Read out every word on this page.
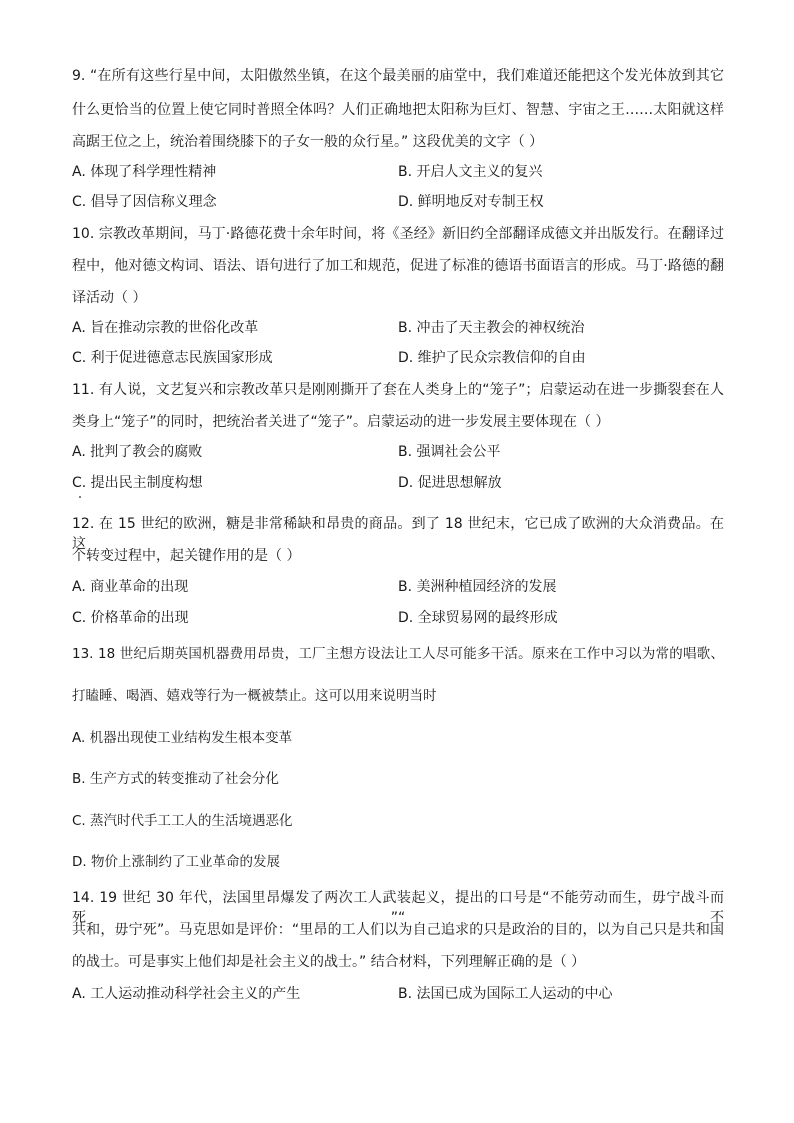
9. “在所有这些行星中间，太阳傲然坐镇，在这个最美丽的庙堂中，我们难道还能把这个发光体放到其它
什么更恰当的位置上使它同时普照全体吗？人们正确地把太阳称为巨灯、智慧、宇宙之王……太阳就这样
高踞王位之上，统治着围绕膝下的子女一般的众行星。” 这段优美的文字（ ）
A. 体现了科学理性精神	B. 开启人文主义的复兴
C. 倡导了因信称义理念	D. 鲜明地反对专制王权
10. 宗教改革期间，马丁·路德花费十余年时间，将《圣经》新旧约全部翻译成德文并出版发行。在翻译过
程中，他对德文构词、语法、语句进行了加工和规范，促进了标准的德语书面语言的形成。马丁·路德的翻
译活动（ ）
A. 旨在推动宗教的世俗化改革	B. 冲击了天主教会的神权统治
C. 利于促进德意志民族国家形成	D. 维护了民众宗教信仰的自由
11. 有人说，文艺复兴和宗教改革只是刚刚撕开了套在人类身上的“笼子”；启蒙运动在进一步撕裂套在人
类身上“笼子”的同时，把统治者关进了“笼子”。启蒙运动的进一步发展主要体现在（ ）
A. 批判了教会的腐败	B. 强调社会公平
C. 提出民主制度构想	D. 促进思想解放
12. 在 15 世纪的欧洲，糖是非常稀缺和昂贵的商品。到了 18 世纪末，它已成了欧洲的大众消费品。在这
个转变过程中，起关键作用的是（ ）
A. 商业革命的出现	B. 美洲种植园经济的发展
C. 价格革命的出现	D. 全球贸易网的最终形成
13. 18 世纪后期英国机器费用昂贵，工厂主想方设法让工人尽可能多干活。原来在工作中习以为常的唱歌、
打瞌睡、喝酒、嬉戏等行为一概被禁止。这可以用来说明当时
A. 机器出现使工业结构发生根本变革
B. 生产方式的转变推动了社会分化
C. 蒸汽时代手工工人的生活境遇恶化
D. 物价上涨制约了工业革命的发展
14. 19 世纪 30 年代，法国里昂爆发了两次工人武装起义，提出的口号是“不能劳动而生，毋宁战斗而死”“不
共和，毋宁死”。马克思如是评价：“里昂的工人们以为自己追求的只是政治的目的，以为自己只是共和国
的战士。可是事实上他们却是社会主义的战士。” 结合材料，下列理解正确的是（ ）
A. 工人运动推动科学社会主义的产生	B. 法国已成为国际工人运动的中心
